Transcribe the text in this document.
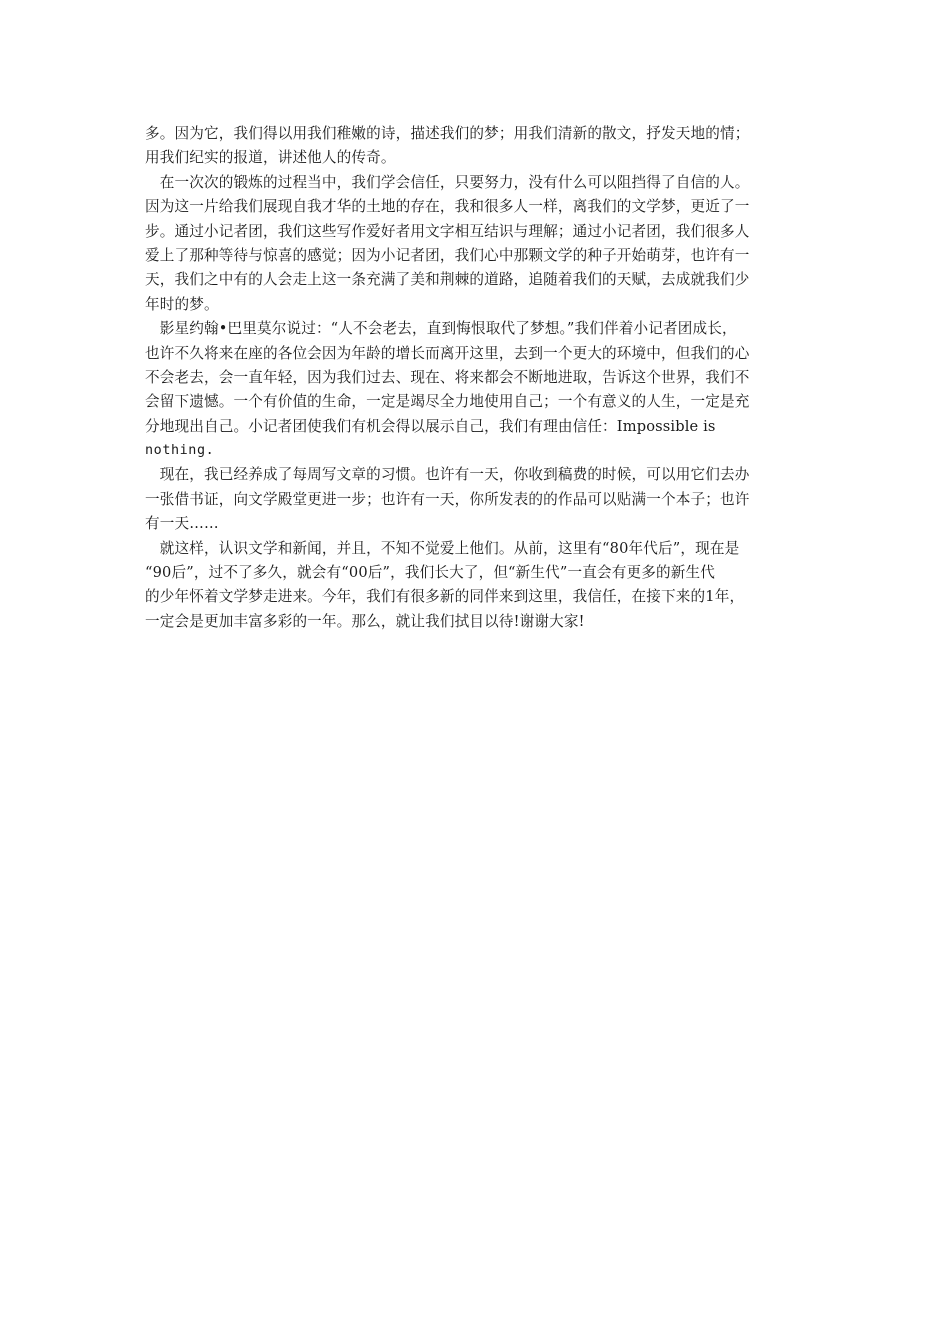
多。因为它，我们得以用我们稚嫩的诗，描述我们的梦；用我们清新的散文，抒发天地的情；
用我们纪实的报道，讲述他人的传奇。
　在一次次的锻炼的过程当中，我们学会信任，只要努力，没有什么可以阻挡得了自信的人。
因为这一片给我们展现自我才华的土地的存在，我和很多人一样，离我们的文学梦，更近了一
步。通过小记者团，我们这些写作爱好者用文字相互结识与理解；通过小记者团，我们很多人
爱上了那种等待与惊喜的感觉；因为小记者团，我们心中那颗文学的种子开始萌芽，也许有一
天，我们之中有的人会走上这一条充满了美和荆棘的道路，追随着我们的天赋，去成就我们少
年时的梦。
　影星约翰•巴里莫尔说过：“人不会老去，直到悔恨取代了梦想。”我们伴着小记者团成长，
也许不久将来在座的各位会因为年龄的增长而离开这里，去到一个更大的环境中，但我们的心
不会老去，会一直年轻，因为我们过去、现在、将来都会不断地进取，告诉这个世界，我们不
会留下遗憾。一个有价值的生命，一定是竭尽全力地使用自己；一个有意义的人生，一定是充
分地现出自己。小记者团使我们有机会得以展示自己，我们有理由信任：Impossible is
nothing.
　现在，我已经养成了每周写文章的习惯。也许有一天，你收到稿费的时候，可以用它们去办
一张借书证，向文学殿堂更进一步；也许有一天，你所发表的的作品可以贴满一个本子；也许
有一天……
　就这样，认识文学和新闻，并且，不知不觉爱上他们。从前，这里有“80年代后”，现在是
“90后”，过不了多久，就会有“00后”，我们长大了，但“新生代”一直会有更多的新生代
的少年怀着文学梦走进来。今年，我们有很多新的同伴来到这里，我信任，在接下来的1年，
一定会是更加丰富多彩的一年。那么，就让我们拭目以待!谢谢大家!
